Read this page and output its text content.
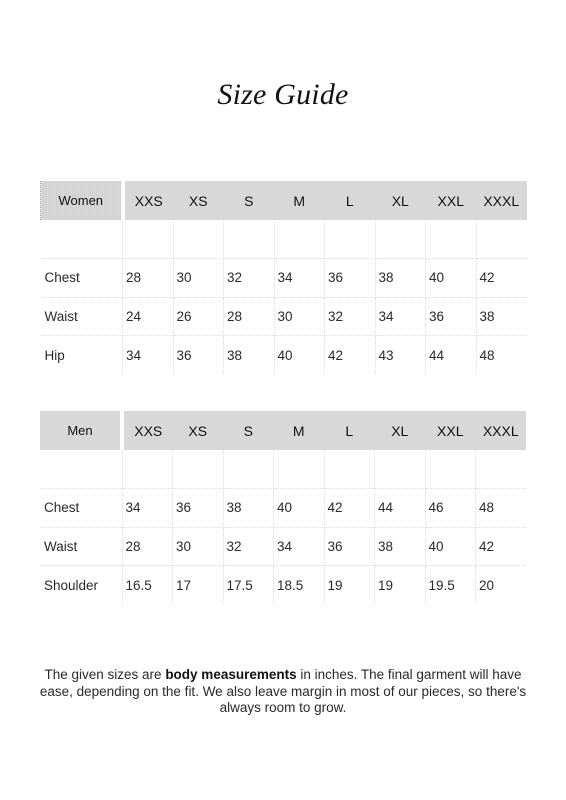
Size Guide
Women	XXS	XS	S	M	L	XL	XXL	XXXL

Chest	28	30	32	34	36	38	40	42
Waist	24	26	28	30	32	34	36	38
Hip	34	36	38	40	42	43	44	48
Men	XXS	XS	S	M	L	XL	XXL	XXXL

Chest	34	36	38	40	42	44	46	48
Waist	28	30	32	34	36	38	40	42
Shoulder	16.5	17	17.5	18.5	19	19	19.5	20
The given sizes are body measurements in inches. The final garment will have ease, depending on the fit. We also leave margin in most of our pieces, so there's always room to grow.
